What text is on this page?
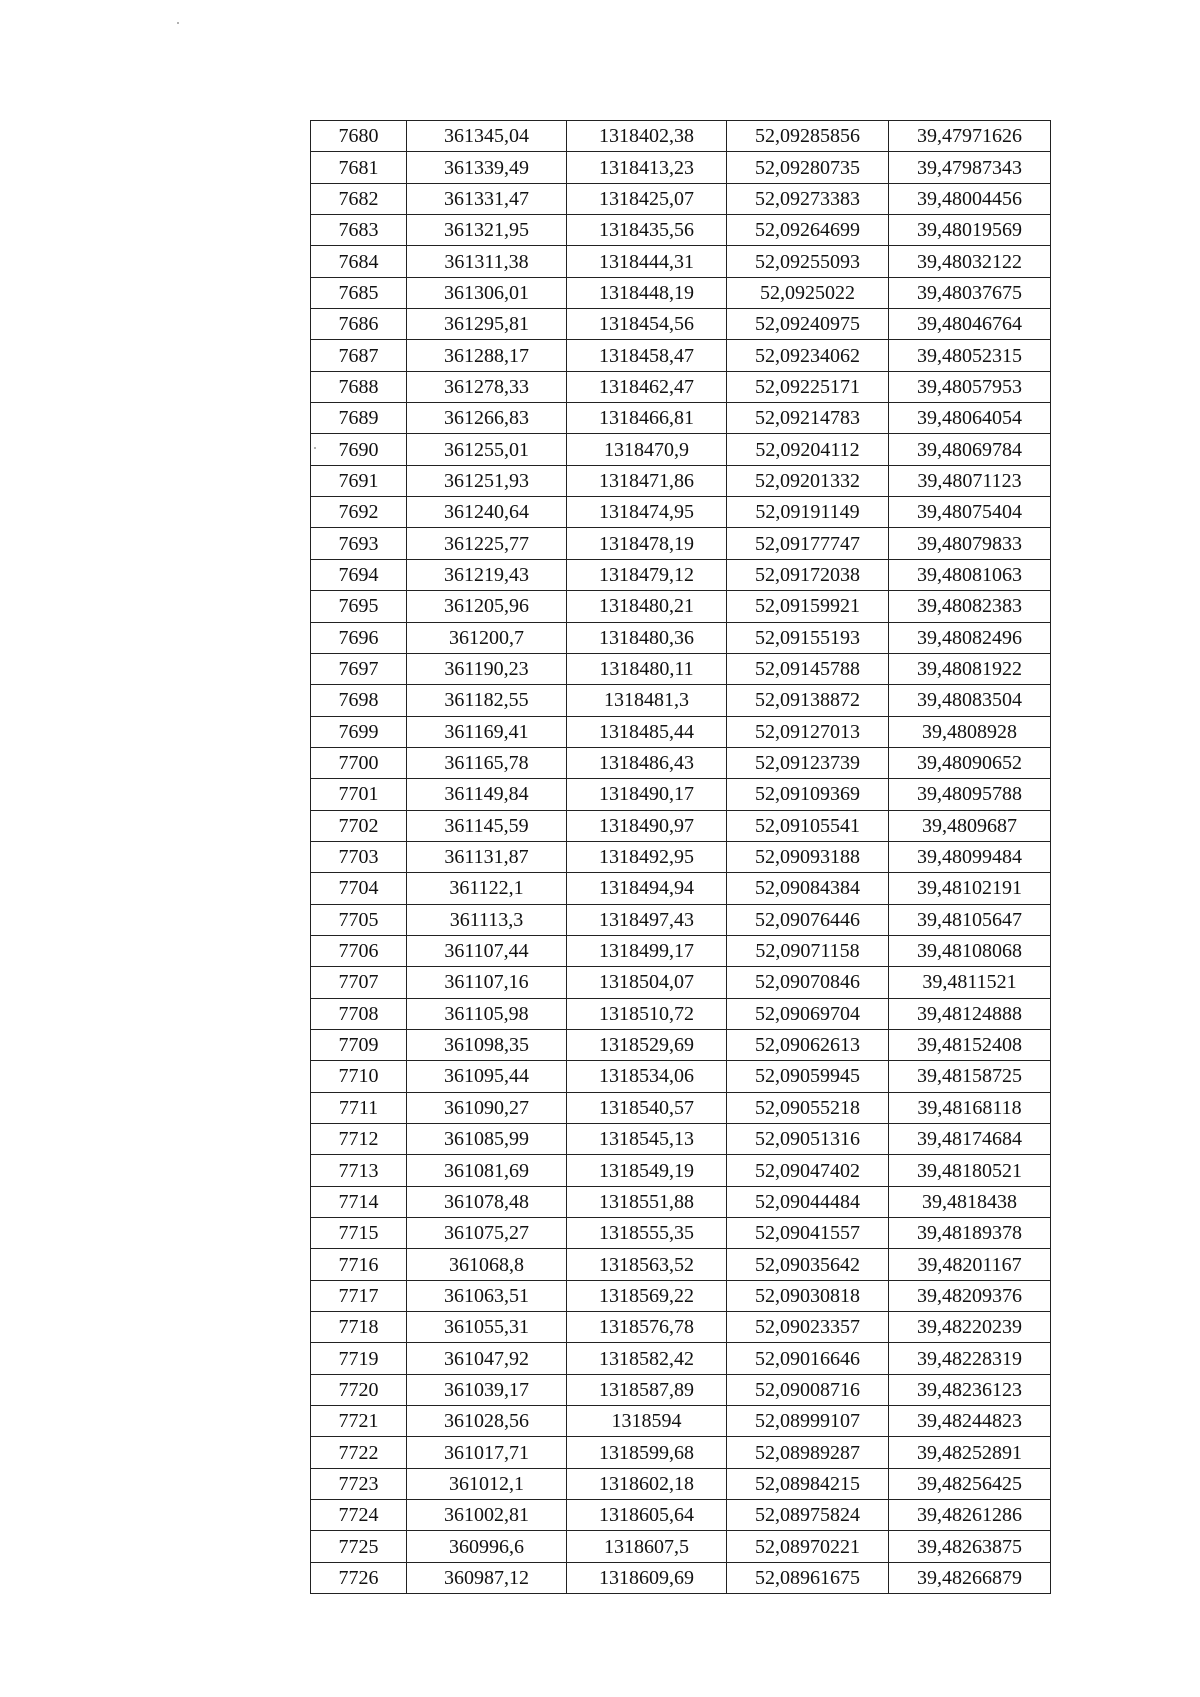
7680	361345,04	1318402,38	52,09285856	39,47971626
7681	361339,49	1318413,23	52,09280735	39,47987343
7682	361331,47	1318425,07	52,09273383	39,48004456
7683	361321,95	1318435,56	52,09264699	39,48019569
7684	361311,38	1318444,31	52,09255093	39,48032122
7685	361306,01	1318448,19	52,0925022	39,48037675
7686	361295,81	1318454,56	52,09240975	39,48046764
7687	361288,17	1318458,47	52,09234062	39,48052315
7688	361278,33	1318462,47	52,09225171	39,48057953
7689	361266,83	1318466,81	52,09214783	39,48064054
7690	361255,01	1318470,9	52,09204112	39,48069784
7691	361251,93	1318471,86	52,09201332	39,48071123
7692	361240,64	1318474,95	52,09191149	39,48075404
7693	361225,77	1318478,19	52,09177747	39,48079833
7694	361219,43	1318479,12	52,09172038	39,48081063
7695	361205,96	1318480,21	52,09159921	39,48082383
7696	361200,7	1318480,36	52,09155193	39,48082496
7697	361190,23	1318480,11	52,09145788	39,48081922
7698	361182,55	1318481,3	52,09138872	39,48083504
7699	361169,41	1318485,44	52,09127013	39,4808928
7700	361165,78	1318486,43	52,09123739	39,48090652
7701	361149,84	1318490,17	52,09109369	39,48095788
7702	361145,59	1318490,97	52,09105541	39,4809687
7703	361131,87	1318492,95	52,09093188	39,48099484
7704	361122,1	1318494,94	52,09084384	39,48102191
7705	361113,3	1318497,43	52,09076446	39,48105647
7706	361107,44	1318499,17	52,09071158	39,48108068
7707	361107,16	1318504,07	52,09070846	39,4811521
7708	361105,98	1318510,72	52,09069704	39,48124888
7709	361098,35	1318529,69	52,09062613	39,48152408
7710	361095,44	1318534,06	52,09059945	39,48158725
7711	361090,27	1318540,57	52,09055218	39,48168118
7712	361085,99	1318545,13	52,09051316	39,48174684
7713	361081,69	1318549,19	52,09047402	39,48180521
7714	361078,48	1318551,88	52,09044484	39,4818438
7715	361075,27	1318555,35	52,09041557	39,48189378
7716	361068,8	1318563,52	52,09035642	39,48201167
7717	361063,51	1318569,22	52,09030818	39,48209376
7718	361055,31	1318576,78	52,09023357	39,48220239
7719	361047,92	1318582,42	52,09016646	39,48228319
7720	361039,17	1318587,89	52,09008716	39,48236123
7721	361028,56	1318594	52,08999107	39,48244823
7722	361017,71	1318599,68	52,08989287	39,48252891
7723	361012,1	1318602,18	52,08984215	39,48256425
7724	361002,81	1318605,64	52,08975824	39,48261286
7725	360996,6	1318607,5	52,08970221	39,48263875
7726	360987,12	1318609,69	52,08961675	39,48266879
